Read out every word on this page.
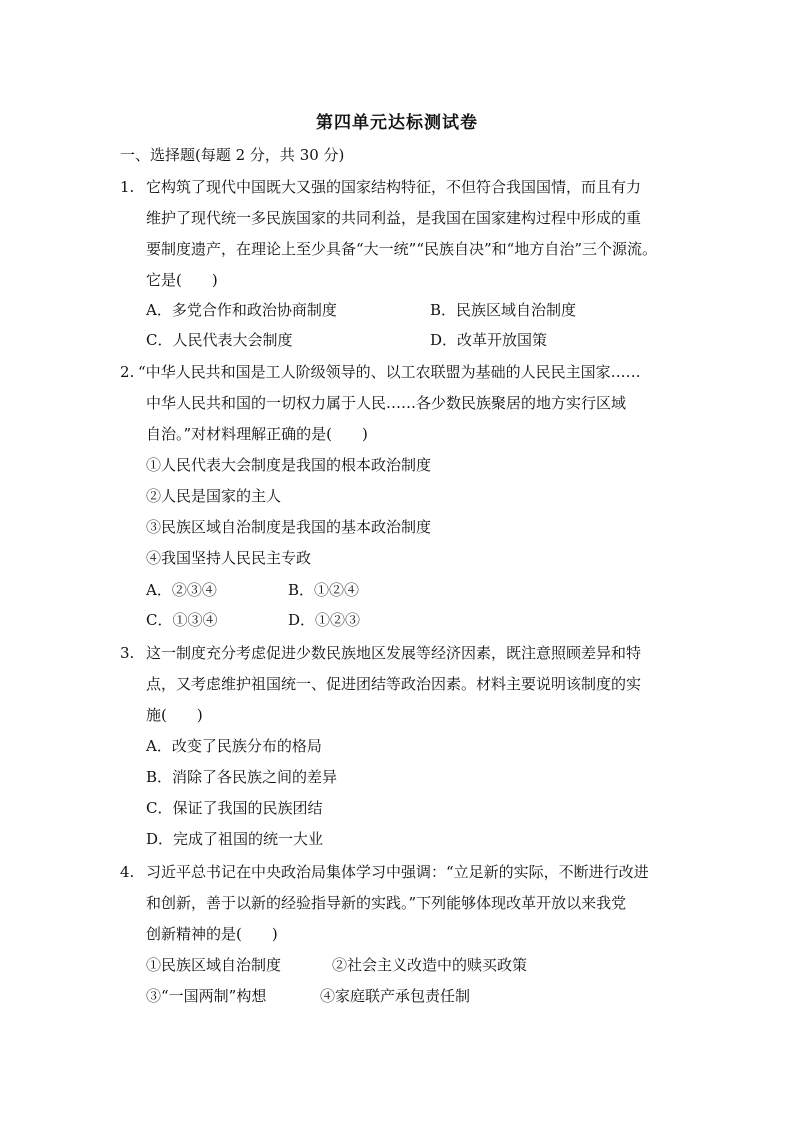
第四单元达标测试卷
一、选择题(每题 2 分，共 30 分)
1. 它构筑了现代中国既大又强的国家结构特征，不但符合我国国情，而且有力
维护了现代统一多民族国家的共同利益，是我国在国家建构过程中形成的重
要制度遗产，在理论上至少具备“大一统”“民族自决”和“地方自治”三个源流。
它是(　　)
A．多党合作和政治协商制度	B．民族区域自治制度
C．人民代表大会制度	D．改革开放国策
2. “中华人民共和国是工人阶级领导的、以工农联盟为基础的人民民主国家……
中华人民共和国的一切权力属于人民……各少数民族聚居的地方实行区域
自治。”对材料理解正确的是(　　)
①人民代表大会制度是我国的根本政治制度
②人民是国家的主人
③民族区域自治制度是我国的基本政治制度
④我国坚持人民民主专政
A．②③④	B．①②④
C．①③④	D．①②③
3. 这一制度充分考虑促进少数民族地区发展等经济因素，既注意照顾差异和特
点，又考虑维护祖国统一、促进团结等政治因素。材料主要说明该制度的实
施(　　)
A．改变了民族分布的格局
B．消除了各民族之间的差异
C．保证了我国的民族团结
D．完成了祖国的统一大业
4. 习近平总书记在中央政治局集体学习中强调：“立足新的实际，不断进行改进
和创新，善于以新的经验指导新的实践。”下列能够体现改革开放以来我党
创新精神的是(　　)
①民族区域自治制度	②社会主义改造中的赎买政策
③“一国两制”构想	④家庭联产承包责任制
